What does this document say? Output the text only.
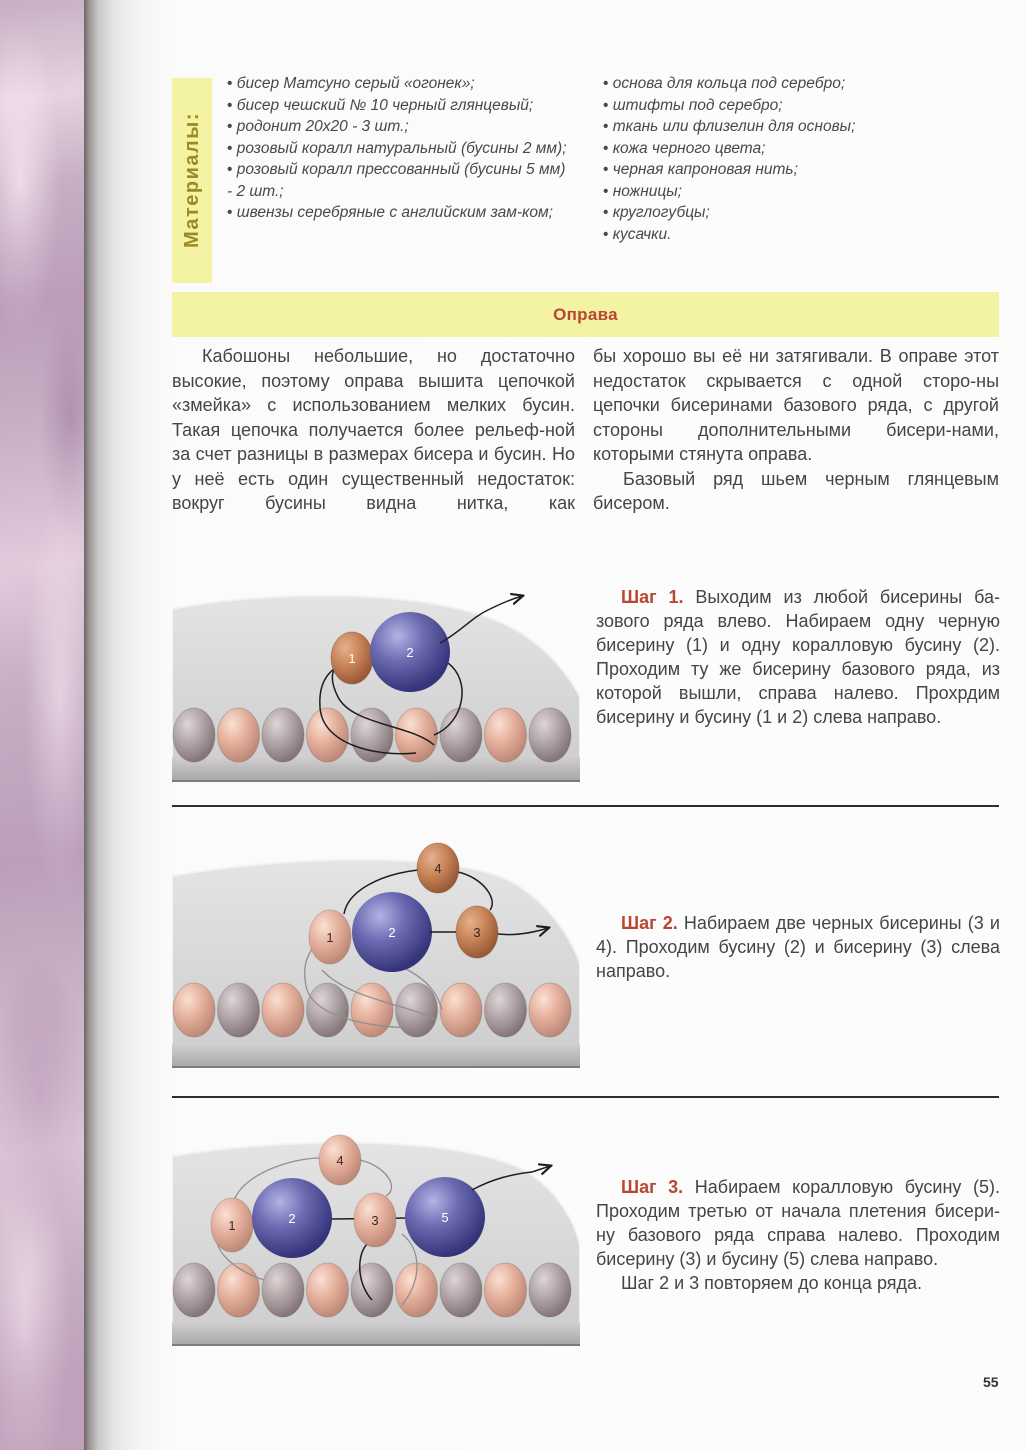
Материалы:
• бисер Матсуно серый «огонек»;
• бисер чешский № 10 черный глянцевый;
• родонит 20x20 - 3 шт.;
• розовый коралл натуральный (бусины 2 мм);
• розовый коралл прессованный (бусины 5 мм) - 2 шт.;
• швензы серебряные с английским зам-ком;
• основа для кольца под серебро;
• штифты под серебро;
• ткань или флизелин для основы;
• кожа черного цвета;
• черная капроновая нить;
• ножницы;
• круглогубцы;
• кусачки.
Оправа

Кабошоны небольшие, но достаточно высокие, поэтому оправа вышита цепочкой «змейка» с использованием мелких бусин. Такая цепочка получается более рельеф-ной за счет разницы в размерах бисера и бусин. Но у неё есть один существенный недостаток: вокруг бусины видна нитка, как

бы хорошо вы её ни затягивали. В оправе этот недостаток скрывается с одной сторо-ны цепочки бисеринами базового ряда, с другой стороны дополнительными бисери-нами, которыми стянута оправа.

Базовый ряд шьем черным глянцевым бисером.

1	2

Шаг 1. Выходим из любой бисерины ба-зового ряда влево. Набираем одну черную бисерину (1) и одну коралловую бусину (2). Проходим ту же бисерину базового ряда, из которой вышли, справа налево. Прохрдим бисерину и бусину (1 и 2) слева направо.

1	2	3
4

Шаг 2. Набираем две черных бисерины (3 и 4). Проходим бусину (2) и бисерину (3) слева направо.

4
1	2	3	5

Шаг 3. Набираем коралловую бусину (5). Проходим третью от начала плетения бисери-ну базового ряда справа налево. Проходим бисерину (3) и бусину (5) слева направо.

Шаг 2 и 3 повторяем до конца ряда.

55
